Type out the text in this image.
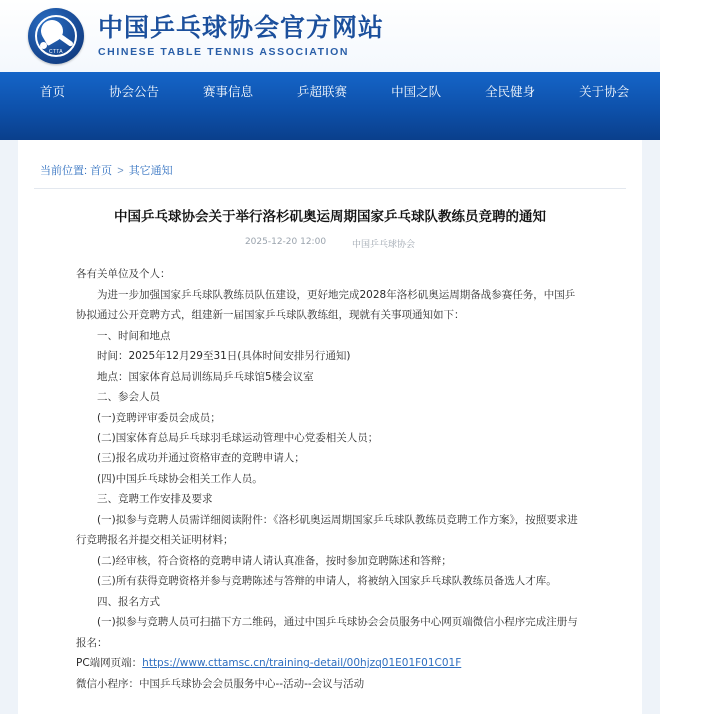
CTTA
中国乒乓球协会官方网站
CHINESE TABLE TENNIS ASSOCIATION
首页	协会公告	赛事信息	乒超联赛	中国之队	全民健身	关于协会
站内搜索
当前位置: 首页 > 其它通知
中国乒乓球协会关于举行洛杉矶奥运周期国家乒乓球队教练员竞聘的通知
2025-12-20 12:00	中国乒乓球协会

各有关单位及个人：

为进一步加强国家乒乓球队教练员队伍建设，更好地完成2028年洛杉矶奥运周期备战参赛任务，中国乒协拟通过公开竞聘方式，组建新一届国家乒乓球队教练组，现就有关事项通知如下：

一、时间和地点

时间：2025年12月29至31日(具体时间安排另行通知)

地点：国家体育总局训练局乒乓球馆5楼会议室

二、参会人员

(一)竞聘评审委员会成员；

(二)国家体育总局乒乓球羽毛球运动管理中心党委相关人员；

(三)报名成功并通过资格审查的竞聘申请人；

(四)中国乒乓球协会相关工作人员。

三、竞聘工作安排及要求

(一)拟参与竞聘人员需详细阅读附件：《洛杉矶奥运周期国家乒乓球队教练员竞聘工作方案》，按照要求进行竞聘报名并提交相关证明材料；

(二)经审核，符合资格的竞聘申请人请认真准备，按时参加竞聘陈述和答辩；

(三)所有获得竞聘资格并参与竞聘陈述与答辩的申请人，将被纳入国家乒乓球队教练员备选人才库。

四、报名方式

(一)拟参与竞聘人员可扫描下方二维码，通过中国乒乓球协会会员服务中心网页端微信小程序完成注册与报名：

PC端网页端：https://www.cttamsc.cn/training-detail/00hjzq01E01F01C01F

微信小程序：中国乒乓球协会会员服务中心--活动--会议与活动
